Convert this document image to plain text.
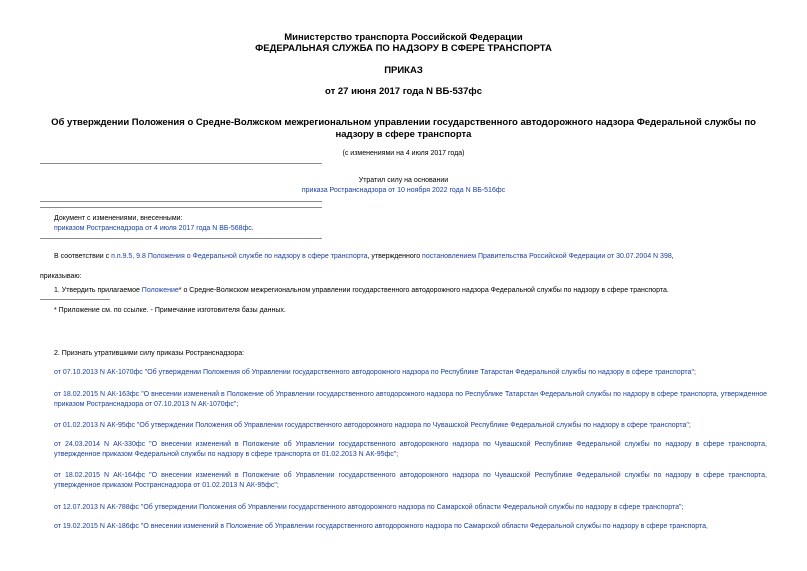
Министерство транспорта Российской Федерации
ФЕДЕРАЛЬНАЯ СЛУЖБА ПО НАДЗОРУ В СФЕРЕ ТРАНСПОРТА
ПРИКАЗ
от 27 июня 2017 года N ВБ-537фс
Об утверждении Положения о Средне-Волжском межрегиональном управлении государственного автодорожного надзора Федеральной службы по надзору в сфере транспорта
(с изменениями на 4 июля 2017 года)
Утратил силу на основании
приказа Ространснадзора от 10 ноября 2022 года N ВБ-516фс
Документ с изменениями, внесенными:
приказом Ространснадзора от 4 июля 2017 года N ВБ-568фс.
В соответствии с п.п.9.5, 9.8 Положения о Федеральной службе по надзору в сфере транспорта, утвержденного постановлением Правительства Российской Федерации от 30.07.2004 N 398,
приказываю:
1. Утвердить прилагаемое Положение* о Средне-Волжском межрегиональном управлении государственного автодорожного надзора Федеральной службы по надзору в сфере транспорта.
* Приложение см. по ссылке. - Примечание изготовителя базы данных.
2. Признать утратившими силу приказы Ространснадзора:
от 07.10.2013 N АК-1070фс "Об утверждении Положения об Управлении государственного автодорожного надзора по Республике Татарстан Федеральной службы по надзору в сфере транспорта";
от 18.02.2015 N АК-163фс "О внесении изменений в Положение об Управлении государственного автодорожного надзора по Республике Татарстан Федеральной службы по надзору в сфере транспорта, утвержденное приказом Ространснадзора от 07.10.2013 N АК-1070фс";
от 01.02.2013 N АК-95фс "Об утверждении Положения об Управлении государственного автодорожного надзора по Чувашской Республике Федеральной службы по надзору в сфере транспорта";
от 24.03.2014 N АК-330фс "О внесении изменений в Положение об Управлении государственного автодорожного надзора по Чувашской Республике Федеральной службы по надзору в сфере транспорта, утвержденное приказом Федеральной службы по надзору в сфере транспорта от 01.02.2013 N АК-95фс";
от 18.02.2015 N АК-164фс "О внесении изменений в Положение об Управлении государственного автодорожного надзора по Чувашской Республике Федеральной службы по надзору в сфере транспорта, утвержденное приказом Ространснадзора от 01.02.2013 N АК-95фс";
от 12.07.2013 N АК-788фс "Об утверждении Положения об Управлении государственного автодорожного надзора по Самарской области Федеральной службы по надзору в сфере транспорта";
от 19.02.2015 N АК-186фс "О внесении изменений в Положение об Управлении государственного автодорожного надзора по Самарской области Федеральной службы по надзору в сфере транспорта,
